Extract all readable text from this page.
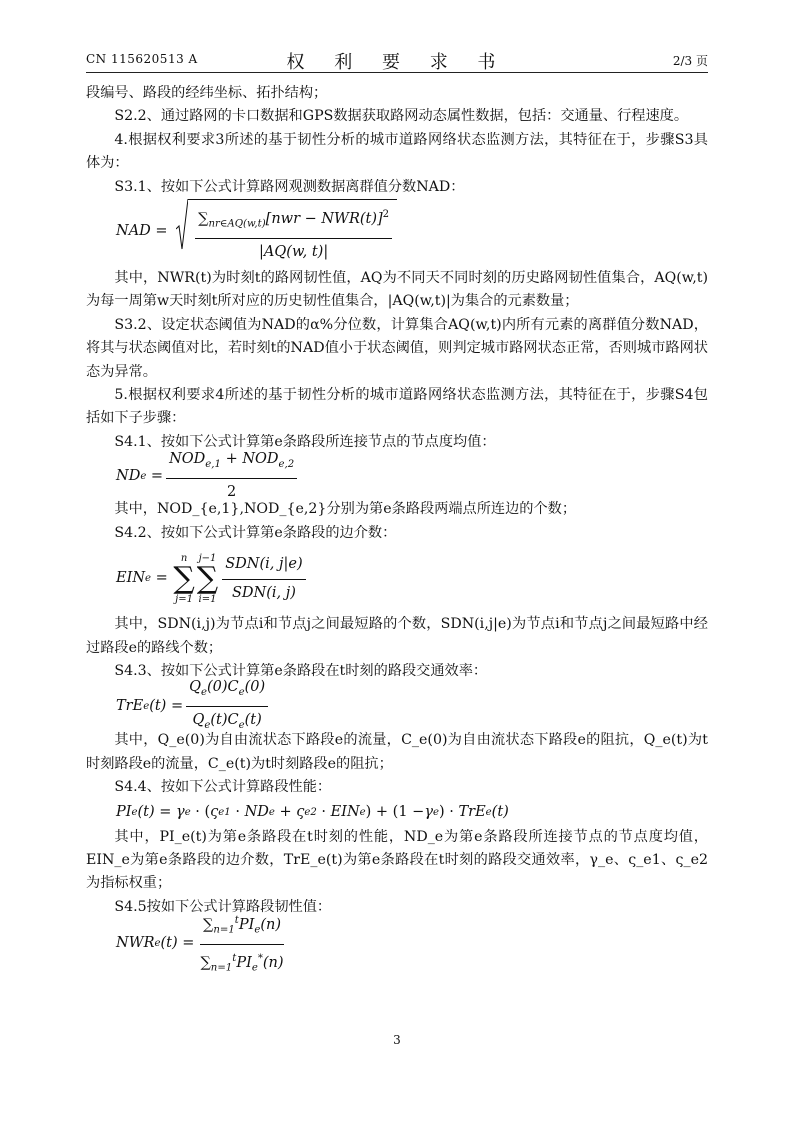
CN 115620513 A	权 利 要 求 书	2/3 页

段编号、路段的经纬坐标、拓扑结构；

S2.2、通过路网的卡口数据和GPS数据获取路网动态属性数据，包括：交通量、行程速度。

4.根据权利要求3所述的基于韧性分析的城市道路网络状态监测方法，其特征在于，步骤S3具体为：

S3.1、按如下公式计算路网观测数据离群值分数NAD：

NAD = $\frac{\sum_{nr\in AQ(w,t)}[nwr - NWR(t)]^2}{|AQ(w, t)|}$

其中，NWR(t)为时刻t的路网韧性值，AQ为不同天不同时刻的历史路网韧性值集合，AQ(w,t)为每一周第w天时刻t所对应的历史韧性值集合，|AQ(w,t)|为集合的元素数量；

S3.2、设定状态阈值为NAD的α%分位数，计算集合AQ(w,t)内所有元素的离群值分数NAD，将其与状态阈值对比，若时刻t的NAD值小于状态阈值，则判定城市路网状态正常，否则城市路网状态为异常。

5.根据权利要求4所述的基于韧性分析的城市道路网络状态监测方法，其特征在于，步骤S4包括如下子步骤：

S4.1、按如下公式计算第e条路段所连接节点的节点度均值：

ND $e = \frac{NOD_{e,1} + NOD_{e,2}}{2}$

其中，NOD_{e,1},NOD_{e,2}分别为第e条路段两端点所连边的个数；

S4.2、按如下公式计算第e条路段的边介数：

EIN e =
n
∑
j=1
j−1
∑
$i=1 \frac{\text{SDN(i, j|e)}}{\text{SDN(i, j)}}$

其中，SDN(i,j)为节点i和节点j之间最短路的个数，SDN(i,j|e)为节点i和节点j之间最短路中经过路段e的路线个数；

S4.3、按如下公式计算第e条路段在t时刻的路段交通效率：

TrE e $(t) = \frac{Q_e(0)C_e(0)}{Q_e(t)C_e(t)}$

其中，Q_e(0)为自由流状态下路段e的流量，C_e(0)为自由流状态下路段e的阻抗，Q_e(t)为t时刻路段e的流量，C_e(t)为t时刻路段e的阻抗；

S4.4、按如下公式计算路段性能：

PI e (t) = γ e · ( ς e1 · ND e + ς e2 · EIN e ) + (1 − γ e ) · TrE e (t)

其中，PI_e(t)为第e条路段在t时刻的性能，ND_e为第e条路段所连接节点的节点度均值，EIN_e为第e条路段的边介数，TrE_e(t)为第e条路段在t时刻的路段交通效率，γ_e、ς_e1、ς_e2为指标权重；

S4.5按如下公式计算路段韧性值：

NWR e $(t) = \frac{\sum_{n=1}^tPI_e(n)}{\sum_{n=1}^tPI_e^*(n)}$
3
